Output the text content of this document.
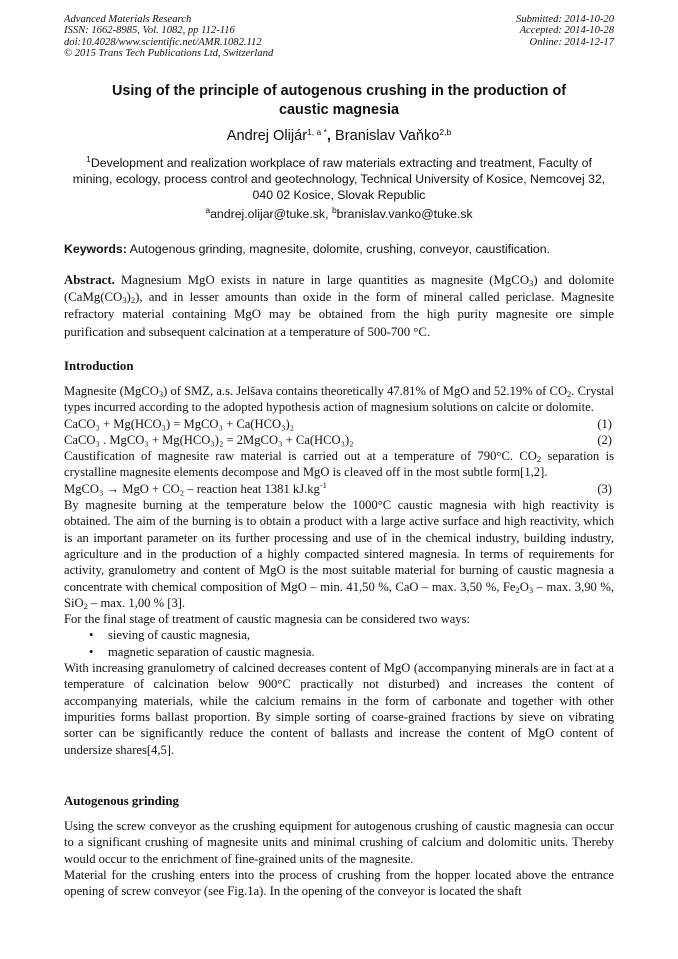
Advanced Materials Research
ISSN: 1662-8985, Vol. 1082, pp 112-116
doi:10.4028/www.scientific.net/AMR.1082.112
© 2015 Trans Tech Publications Ltd, Switzerland
Submitted: 2014-10-20
Accepted: 2014-10-28
Online: 2014-12-17
Using of the principle of autogenous crushing in the production of
caustic magnesia
Andrej Olijár$^{1, a *}$, Branislav Vaňko$^{2,b}$
$^1$Development and realization workplace of raw materials extracting and treatment, Faculty of
mining, ecology, process control and geotechnology, Technical University of Kosice, Nemcovej 32,
040 02 Kosice, Slovak Republic
$^a$andrej.olijar@tuke.sk, $^b$branislav.vanko@tuke.sk
Keywords: Autogenous grinding, magnesite, dolomite, crushing, conveyor, caustification.
Abstract. Magnesium MgO exists in nature in large quantities as magnesite (MgCO$_3$) and dolomite $(CaMg(CO_3)_2)$, and in lesser amounts than oxide in the form of mineral called periclase. Magnesite refractory material containing MgO may be obtained from the high purity magnesite ore simple purification and subsequent calcination at a temperature of 500-700 °C.
Introduction
Magnesite (MgCO$_3$) of SMZ, a.s. Jelšava contains theoretically 47.81% of MgO and 52.19% of $CO_2$. Crystal types incurred according to the adopted hypothesis action of magnesium solutions on calcite or dolomite.
CaCO₃ + Mg(HCO₃) = MgCO₃ + Ca(HCO₃)₂	(1)
CaCO₃ . MgCO₃ + Mg(HCO₃)₂ = 2MgCO₃ + Ca(HCO₃)₂	(2)
Caustification of magnesite raw material is carried out at a temperature of 790°C. $CO_2$ separation is crystalline magnesite elements decompose and MgO is cleaved off in the most subtle form[1,2].
MgCO₃ → MgO + CO₂ – reaction heat 1381 $kJ.kg^{-1}$	(3)
By magnesite burning at the temperature below the 1000°C caustic magnesia with high reactivity is obtained. The aim of the burning is to obtain a product with a large active surface and high reactivity, which is an important parameter on its further processing and use of in the chemical industry, building industry, agriculture and in the production of a highly compacted sintered magnesia. In terms of requirements for activity, granulometry and content of MgO is the most suitable material for burning of caustic magnesia a concentrate with chemical composition of MgO – min. 41,50 %, CaO – max. 3,50 %, $Fe_2O_3$ – max. 3,90 %, SiO$_2$ – max. 1,00 % [3].
For the final stage of treatment of caustic magnesia can be considered two ways:
• sieving of caustic magnesia,
• magnetic separation of caustic magnesia.
With increasing granulometry of calcined decreases content of MgO (accompanying minerals are in fact at a temperature of calcination below 900°C practically not disturbed) and increases the content of accompanying materials, while the calcium remains in the form of carbonate and together with other impurities forms ballast proportion. By simple sorting of coarse-grained fractions by sieve on vibrating sorter can be significantly reduce the content of ballasts and increase the content of MgO content of undersize shares[4,5].
Autogenous grinding
Using the screw conveyor as the crushing equipment for autogenous crushing of caustic magnesia can occur to a significant crushing of magnesite units and minimal crushing of calcium and dolomitic units. Thereby would occur to the enrichment of fine-grained units of the magnesite.
Material for the crushing enters into the process of crushing from the hopper located above the entrance opening of screw conveyor (see Fig.1a). In the opening of the conveyor is located the shaft
